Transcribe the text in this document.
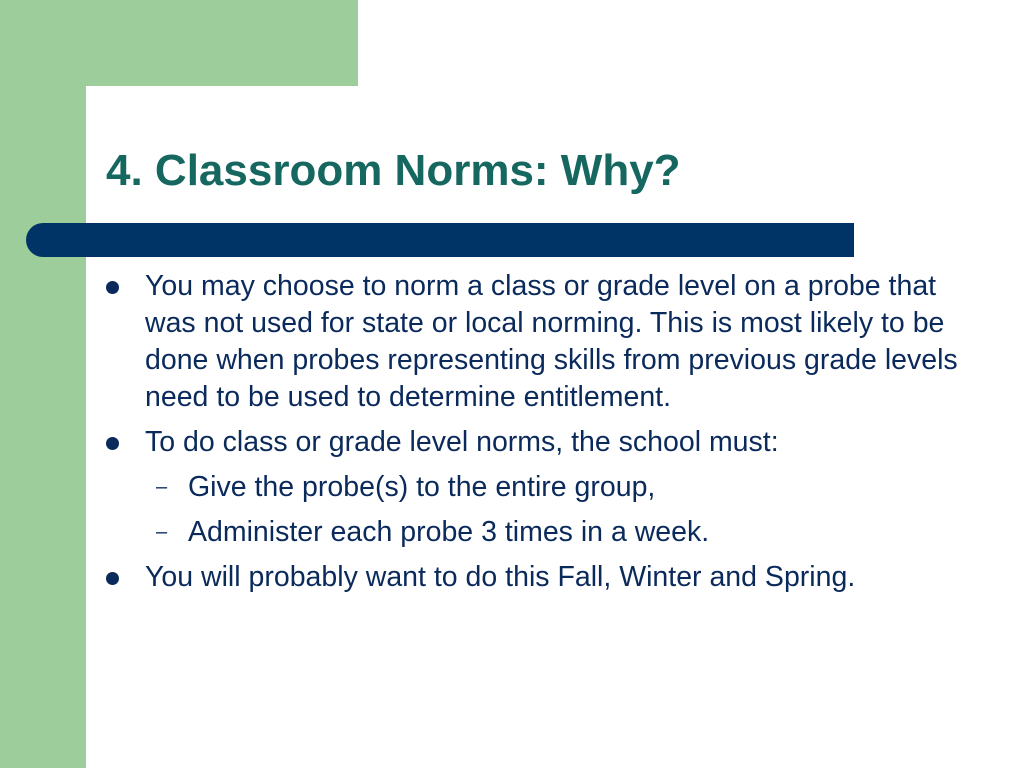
4. Classroom Norms: Why?
You may choose to norm a class or grade level on a probe that was not used for state or local norming. This is most likely to be done when probes representing skills from previous grade levels need to be used to determine entitlement.
To do class or grade level norms, the school must:
– Give the probe(s) to the entire group,
– Administer each probe 3 times in a week.
You will probably want to do this Fall, Winter and Spring.
